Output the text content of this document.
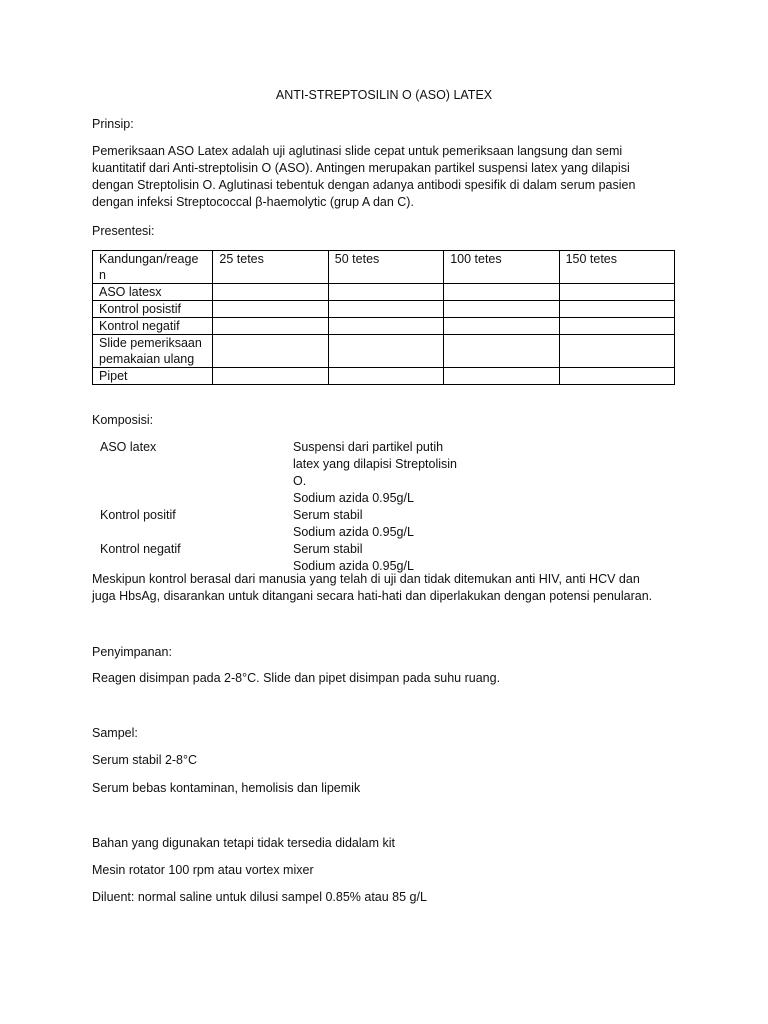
ANTI-STREPTOSILIN O (ASO) LATEX
Prinsip:

Pemeriksaan ASO Latex adalah uji aglutinasi slide cepat untuk pemeriksaan langsung dan semi

kuantitatif dari Anti-streptolisin O (ASO). Antingen merupakan partikel suspensi latex yang dilapisi

dengan Streptolisin O. Aglutinasi tebentuk dengan adanya antibodi spesifik di dalam serum pasien

dengan infeksi Streptococcal β-haemolytic (grup A dan C).

Presentesi:
Kandungan/reage n	25 tetes	50 tetes	100 tetes	150 tetes
ASO latesx				
Kontrol posistif				
Kontrol negatif				
Slide pemeriksaan pemakaian ulang				
Pipet				
Komposisi:
ASO latex	Suspensi dari partikel putih
latex yang dilapisi Streptolisin
O.
Sodium azida 0.95g/L
Kontrol positif	Serum stabil
Sodium azida 0.95g/L
Kontrol negatif	Serum stabil
Sodium azida 0.95g/L

Meskipun kontrol berasal dari manusia yang telah di uji dan tidak ditemukan anti HIV, anti HCV dan

juga HbsAg, disarankan untuk ditangani secara hati-hati dan diperlakukan dengan potensi penularan.

Penyimpanan:
Reagen disimpan pada 2-8°C. Slide dan pipet disimpan pada suhu ruang.
Sampel:
Serum stabil 2-8°C
Serum bebas kontaminan, hemolisis dan lipemik
Bahan yang digunakan tetapi tidak tersedia didalam kit
Mesin rotator 100 rpm atau vortex mixer
Diluent: normal saline untuk dilusi sampel 0.85% atau 85 g/L
